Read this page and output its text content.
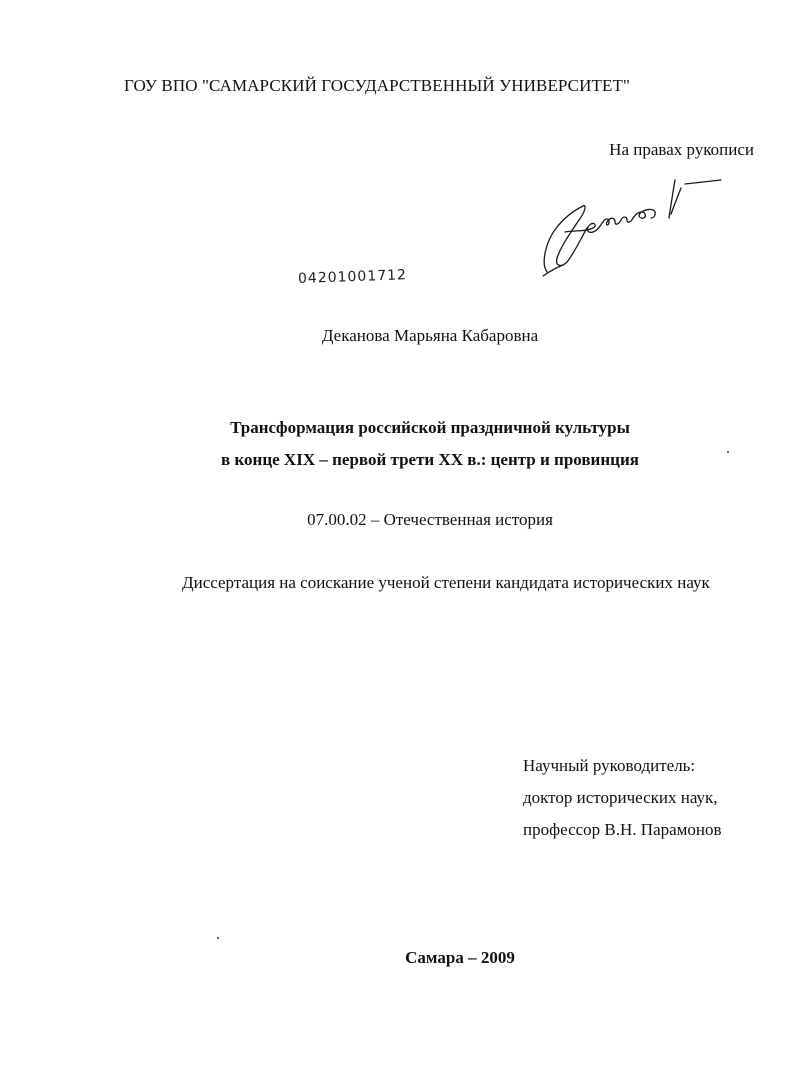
ГОУ ВПО "САМАРСКИЙ ГОСУДАРСТВЕННЫЙ УНИВЕРСИТЕТ"
На правах рукописи
04201001712
Деканова Марьяна Кабаровна
Трансформация российской праздничной культуры
в конце XIX – первой трети XX в.: центр и провинция
07.00.02 – Отечественная история
Диссертация на соискание ученой степени кандидата исторических наук
Научный руководитель:
доктор исторических наук,
профессор В.Н. Парамонов
Самара – 2009
